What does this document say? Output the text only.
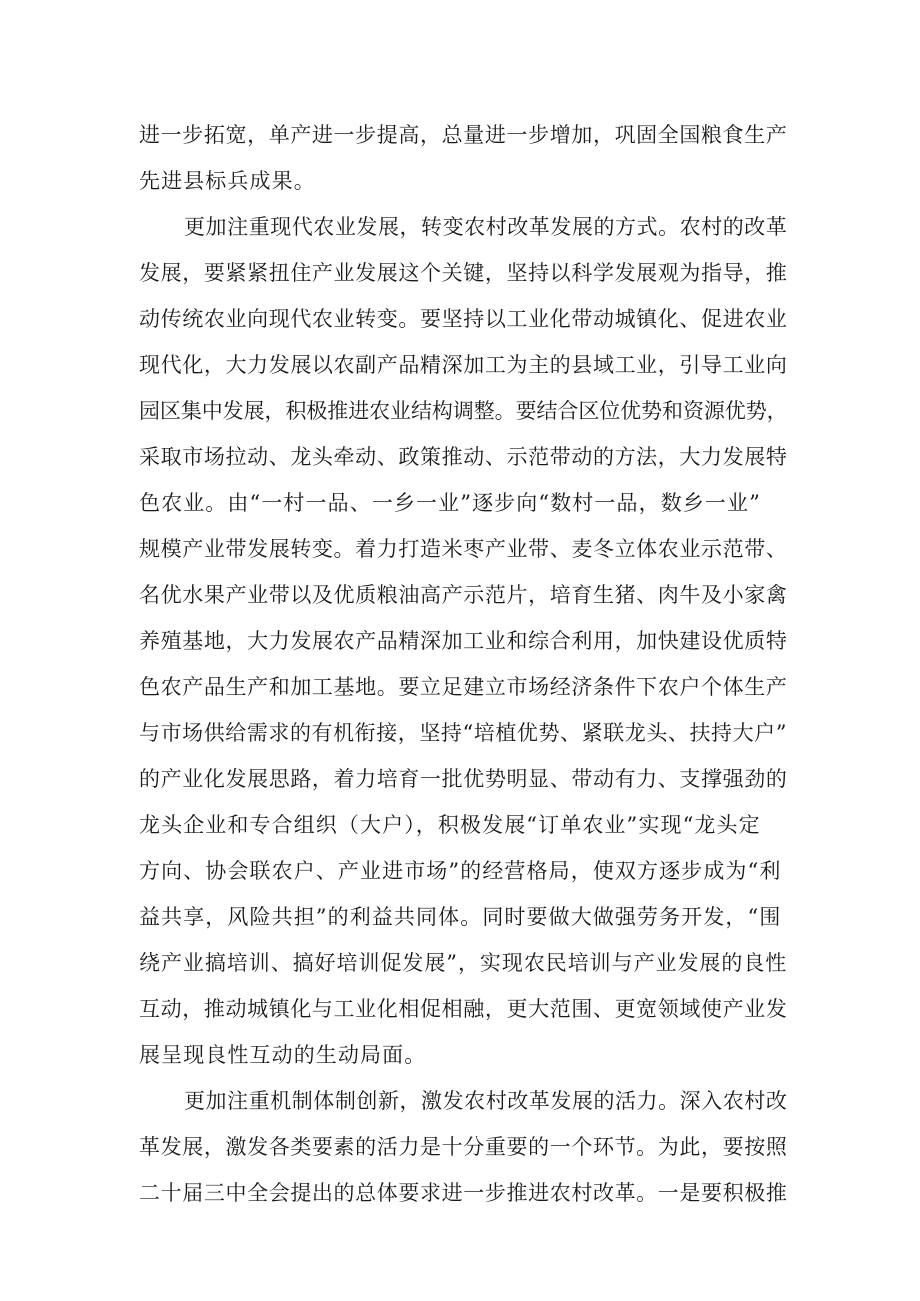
进一步拓宽，单产进一步提高，总量进一步增加，巩固全国粮食生产
先进县标兵成果。
更加注重现代农业发展，转变农村改革发展的方式。农村的改革
发展，要紧紧扭住产业发展这个关键，坚持以科学发展观为指导，推
动传统农业向现代农业转变。要坚持以工业化带动城镇化、促进农业
现代化，大力发展以农副产品精深加工为主的县域工业，引导工业向
园区集中发展，积极推进农业结构调整。要结合区位优势和资源优势，
采取市场拉动、龙头牵动、政策推动、示范带动的方法，大力发展特
色农业。由“一村一品、一乡一业”逐步向“数村一品，数乡一业”
规模产业带发展转变。着力打造米枣产业带、麦冬立体农业示范带、
名优水果产业带以及优质粮油高产示范片，培育生猪、肉牛及小家禽
养殖基地，大力发展农产品精深加工业和综合利用，加快建设优质特
色农产品生产和加工基地。要立足建立市场经济条件下农户个体生产
与市场供给需求的有机衔接，坚持“培植优势、紧联龙头、扶持大户”
的产业化发展思路，着力培育一批优势明显、带动有力、支撑强劲的
龙头企业和专合组织（大户），积极发展“订单农业”实现“龙头定
方向、协会联农户、产业进市场”的经营格局，使双方逐步成为“利
益共享，风险共担”的利益共同体。同时要做大做强劳务开发，“围
绕产业搞培训、搞好培训促发展”，实现农民培训与产业发展的良性
互动，推动城镇化与工业化相促相融，更大范围、更宽领域使产业发
展呈现良性互动的生动局面。
更加注重机制体制创新，激发农村改革发展的活力。深入农村改
革发展，激发各类要素的活力是十分重要的一个环节。为此，要按照
二十届三中全会提出的总体要求进一步推进农村改革。一是要积极推
